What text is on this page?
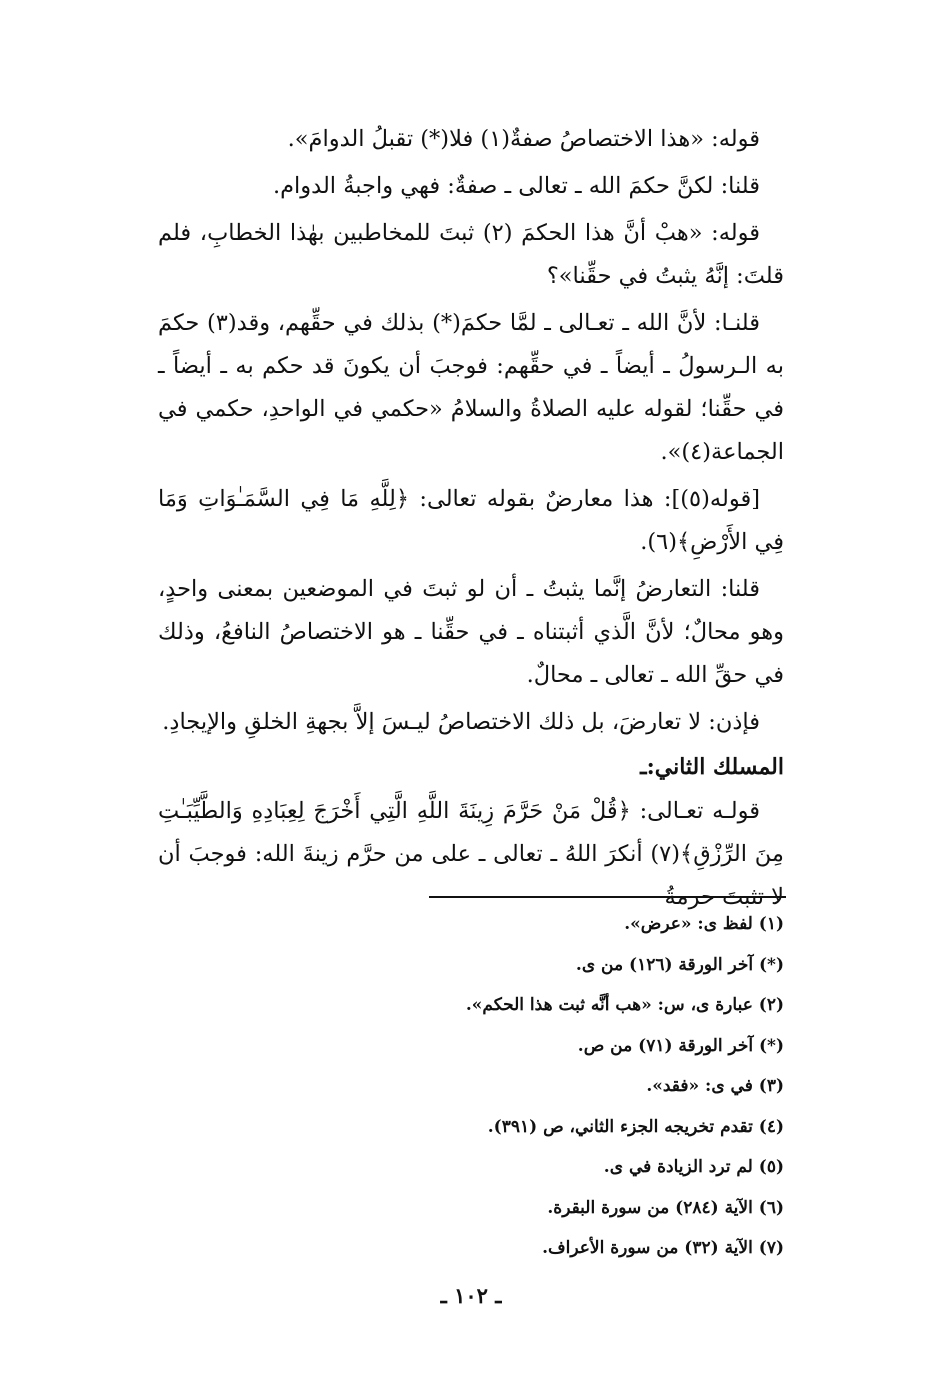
قوله: «هذا الاختصاصُ صفةٌ(١) فلا(*) تقبلُ الدوامَ».

قلنا: لكنَّ حكمَ الله ـ تعالى ـ صفةٌ: فهي واجبةُ الدوام.

قوله: «هبْ أنَّ هذا الحكمَ (٢) ثبتَ للمخاطبين بهٰذا الخطابِ، فلم قلتَ: إنَّهُ يثبتُ في حقِّنا»؟

قلنـا: لأنَّ الله ـ تعـالى ـ لمَّا حكمَ(*) بذلك في حقِّهم، وقد(٣) حكمَ به الـرسولُ ـ أيضاً ـ في حقِّهم: فوجبَ أن يكونَ قد حكم به ـ أيضاً ـ في حقِّنا؛ لقوله عليه الصلاةُ والسلامُ «حكمي في الواحدِ، حكمي في الجماعة(٤)».

[قوله(٥)]: هذا معارضٌ بقوله تعالى: ﴿لِلَّهِ مَا فِي السَّمَـٰوَاتِ وَمَا فِي الأَرْضِ﴾(٦).

قلنا: التعارضُ إنَّما يثبتُ ـ أن لو ثبتَ في الموضعين بمعنى واحدٍ، وهو محالٌ؛ لأنَّ الَّذي أثبتناه ـ في حقِّنا ـ هو الاختصاصُ النافعُ، وذلك في حقِّ الله ـ تعالى ـ محالٌ.

فإذن: لا تعارضَ، بل ذلك الاختصاصُ ليـسَ إلاَّ بجهةِ الخلقِ والإيجادِ.

المسلك الثاني:ـ

قولـه تعـالى: ﴿قُلْ مَنْ حَرَّمَ زِينَةَ اللَّهِ الَّتِي أَخْرَجَ لِعِبَادِهِ وَالطَّيِّبَـٰتِ مِنَ الرِّزْقِ﴾(٧) أنكرَ اللهُ ـ تعالى ـ على من حرَّم زينةَ الله: فوجبَ أن لا تثبتَ حرمةُ

(١) لفظ ى: «عرض».
(*) آخر الورقة (١٢٦) من ى.
(٢) عبارة ى، س: «هب أنَّه ثبت هذا الحكم».
(*) آخر الورقة (٧١) من ص.
(٣) في ى: «فقد».
(٤) تقدم تخريجه الجزء الثاني، ص (٣٩١).
(٥) لم ترد الزيادة في ى.
(٦) الآية (٢٨٤) من سورة البقرة.
(٧) الآية (٣٢) من سورة الأعراف.
ـ ١٠٢ ـ
